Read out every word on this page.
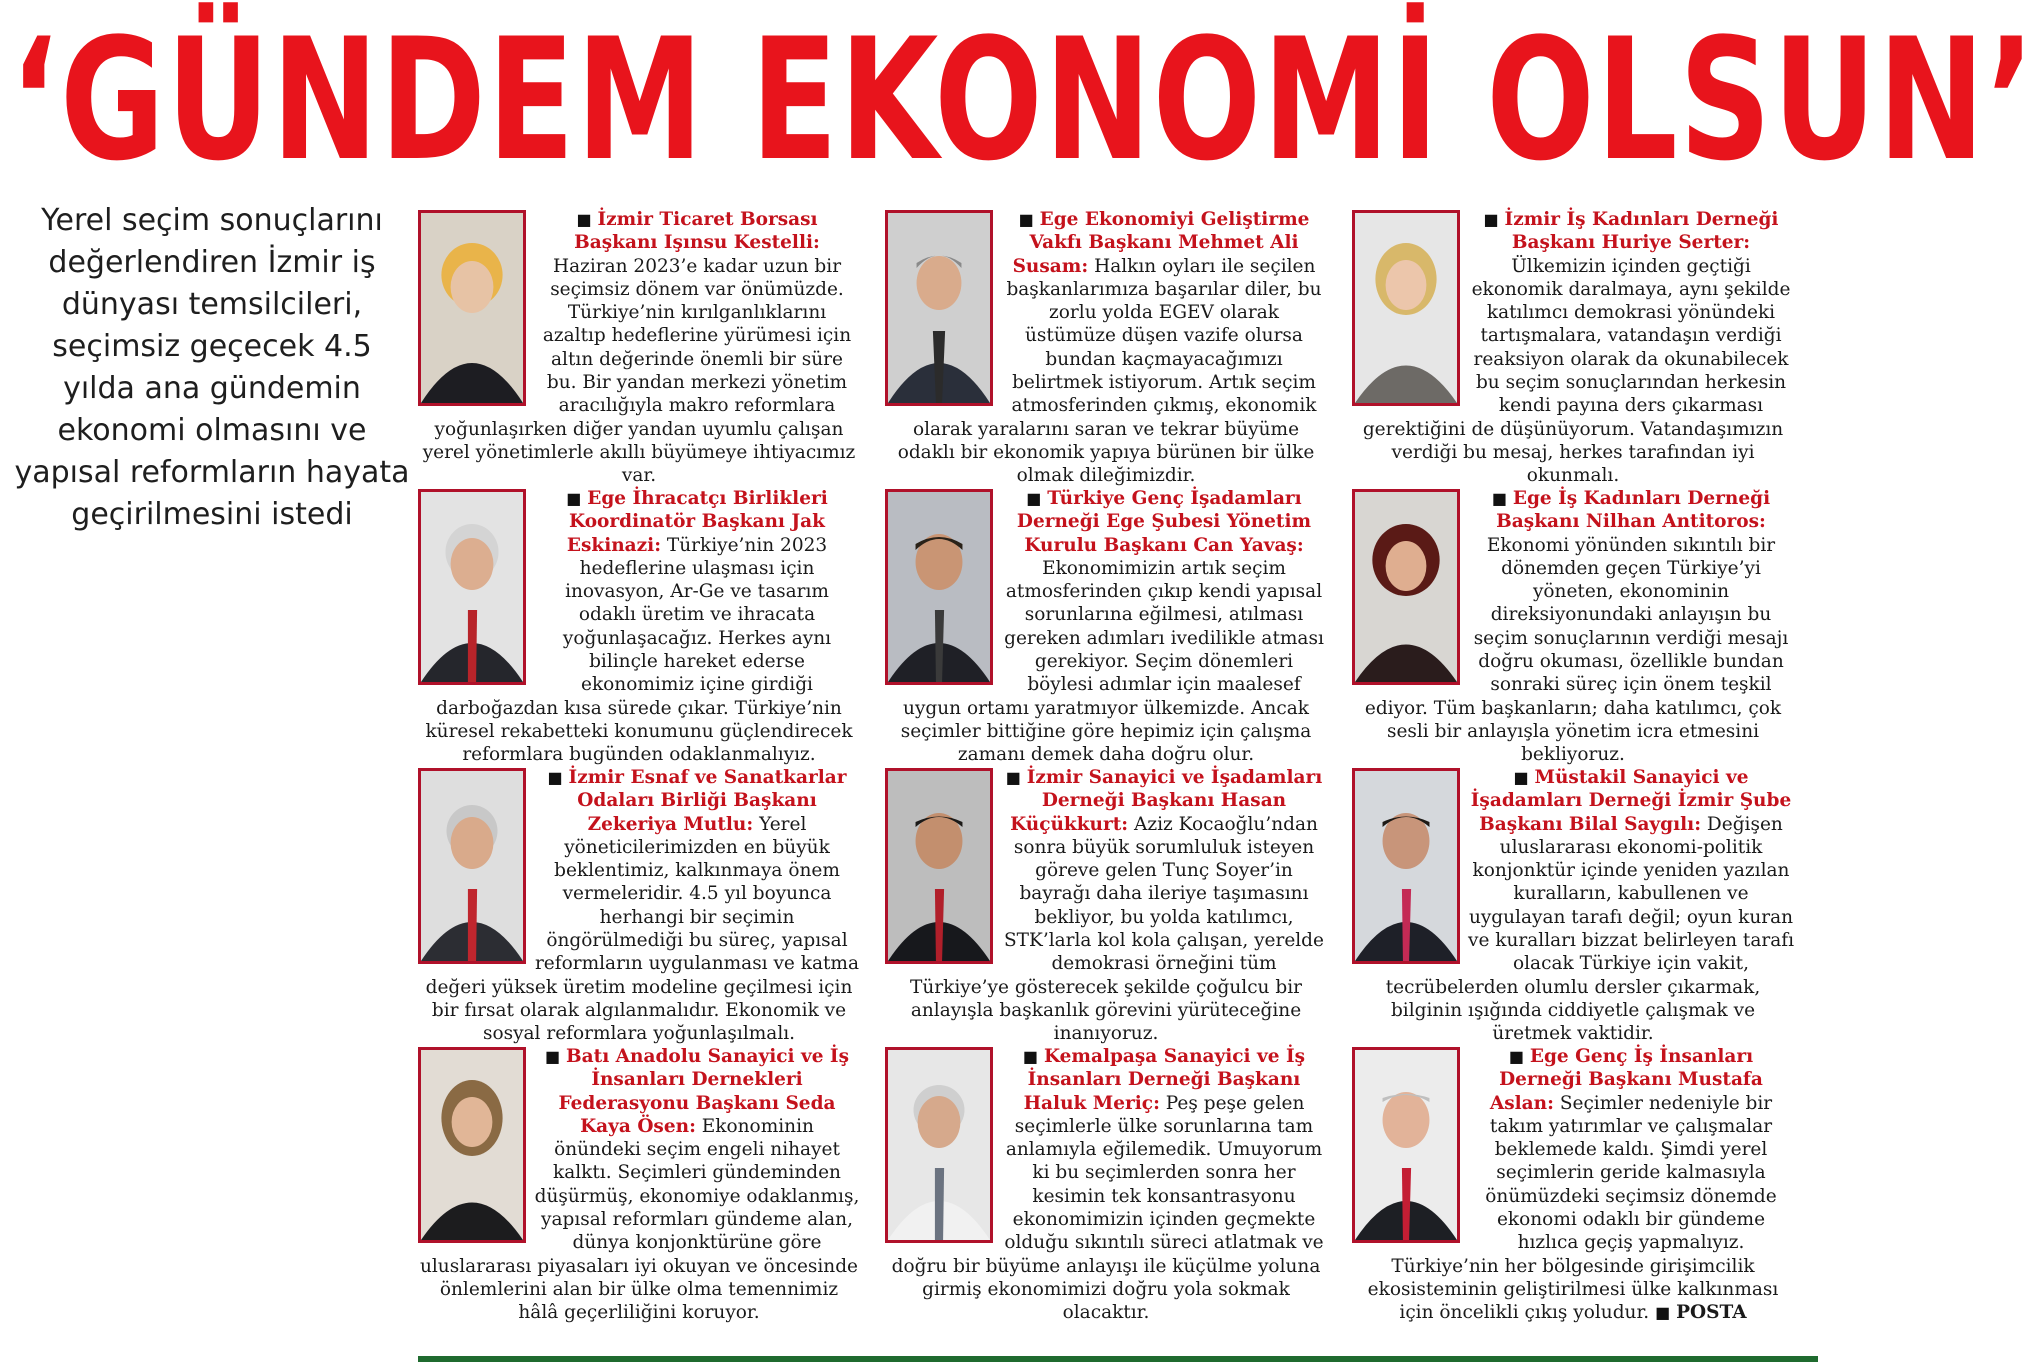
‘GÜNDEM EKONOMİ OLSUN’

Yerel seçim sonuçlarını değerlendiren İzmir iş dünyası temsilcileri, seçimsiz geçecek 4.5 yılda ana gündemin ekonomi olmasını ve yapısal reformların hayata geçirilmesini istedi

■ İzmir Ticaret Borsası Başkanı Işınsu Kestelli: Haziran 2023’e kadar uzun bir seçimsiz dönem var önümüzde. Türkiye’nin kırılganlıklarını azaltıp hedeflerine yürümesi için altın değerinde önemli bir süre bu. Bir yandan merkezi yönetim aracılığıyla makro reformlara yoğunlaşırken diğer yandan uyumlu çalışan yerel yönetimlerle akıllı büyümeye ihtiyacımız var.
■ Ege Ekonomiyi Geliştirme Vakfı Başkanı Mehmet Ali Susam: Halkın oyları ile seçilen başkanlarımıza başarılar diler, bu zorlu yolda EGEV olarak üstümüze düşen vazife olursa bundan kaçmayacağımızı belirtmek istiyorum. Artık seçim atmosferinden çıkmış, ekonomik olarak yaralarını saran ve tekrar büyüme odaklı bir ekonomik yapıya bürünen bir ülke olmak dileğimizdir.
■ İzmir İş Kadınları Derneği Başkanı Huriye Serter: Ülkemizin içinden geçtiği ekonomik daralmaya, aynı şekilde katılımcı demokrasi yönündeki tartışmalara, vatandaşın verdiği reaksiyon olarak da okunabilecek bu seçim sonuçlarından herkesin kendi payına ders çıkarması gerektiğini de düşünüyorum. Vatandaşımızın verdiği bu mesaj, herkes tarafından iyi okunmalı.
■ Ege İhracatçı Birlikleri Koordinatör Başkanı Jak Eskinazi: Türkiye’nin 2023 hedeflerine ulaşması için inovasyon, Ar-Ge ve tasarım odaklı üretim ve ihracata yoğunlaşacağız. Herkes aynı bilinçle hareket ederse ekonomimiz içine girdiği darboğazdan kısa sürede çıkar. Türkiye’nin küresel rekabetteki konumunu güçlendirecek reformlara bugünden odaklanmalıyız.
■ Türkiye Genç İşadamları Derneği Ege Şubesi Yönetim Kurulu Başkanı Can Yavaş: Ekonomimizin artık seçim atmosferinden çıkıp kendi yapısal sorunlarına eğilmesi, atılması gereken adımları ivedilikle atması gerekiyor. Seçim dönemleri böylesi adımlar için maalesef uygun ortamı yaratmıyor ülkemizde. Ancak seçimler bittiğine göre hepimiz için çalışma zamanı demek daha doğru olur.
■ Ege İş Kadınları Derneği Başkanı Nilhan Antitoros: Ekonomi yönünden sıkıntılı bir dönemden geçen Türkiye’yi yöneten, ekonominin direksiyonundaki anlayışın bu seçim sonuçlarının verdiği mesajı doğru okuması, özellikle bundan sonraki süreç için önem teşkil ediyor. Tüm başkanların; daha katılımcı, çok sesli bir anlayışla yönetim icra etmesini bekliyoruz.
■ İzmir Esnaf ve Sanatkarlar Odaları Birliği Başkanı Zekeriya Mutlu: Yerel yöneticilerimizden en büyük beklentimiz, kalkınmaya önem vermeleridir. 4.5 yıl boyunca herhangi bir seçimin öngörülmediği bu süreç, yapısal reformların uygulanması ve katma değeri yüksek üretim modeline geçilmesi için bir fırsat olarak algılanmalıdır. Ekonomik ve sosyal reformlara yoğunlaşılmalı.
■ İzmir Sanayici ve İşadamları Derneği Başkanı Hasan Küçükkurt: Aziz Kocaoğlu’ndan sonra büyük sorumluluk isteyen göreve gelen Tunç Soyer’in bayrağı daha ileriye taşımasını bekliyor, bu yolda katılımcı, STK’larla kol kola çalışan, yerelde demokrasi örneğini tüm Türkiye’ye gösterecek şekilde çoğulcu bir anlayışla başkanlık görevini yürüteceğine inanıyoruz.
■ Müstakil Sanayici ve İşadamları Derneği İzmir Şube Başkanı Bilal Saygılı: Değişen uluslararası ekonomi-politik konjonktür içinde yeniden yazılan kuralların, kabullenen ve uygulayan tarafı değil; oyun kuran ve kuralları bizzat belirleyen tarafı olacak Türkiye için vakit, tecrübelerden olumlu dersler çıkarmak, bilginin ışığında ciddiyetle çalışmak ve üretmek vaktidir.
■ Batı Anadolu Sanayici ve İş İnsanları Dernekleri Federasyonu Başkanı Seda Kaya Ösen: Ekonominin önündeki seçim engeli nihayet kalktı. Seçimleri gündeminden düşürmüş, ekonomiye odaklanmış, yapısal reformları gündeme alan, dünya konjonktürüne göre uluslararası piyasaları iyi okuyan ve öncesinde önlemlerini alan bir ülke olma temennimiz hâlâ geçerliliğini koruyor.
■ Kemalpaşa Sanayici ve İş İnsanları Derneği Başkanı Haluk Meriç: Peş peşe gelen seçimlerle ülke sorunlarına tam anlamıyla eğilemedik. Umuyorum ki bu seçimlerden sonra her kesimin tek konsantrasyonu ekonomimizin içinden geçmekte olduğu sıkıntılı süreci atlatmak ve doğru bir büyüme anlayışı ile küçülme yoluna girmiş ekonomimizi doğru yola sokmak olacaktır.
■ Ege Genç İş İnsanları Derneği Başkanı Mustafa Aslan: Seçimler nedeniyle bir takım yatırımlar ve çalışmalar beklemede kaldı. Şimdi yerel seçimlerin geride kalmasıyla önümüzdeki seçimsiz dönemde ekonomi odaklı bir gündeme hızlıca geçiş yapmalıyız. Türkiye’nin her bölgesinde girişimcilik ekosisteminin geliştirilmesi ülke kalkınması için öncelikli çıkış yoludur. ■ POSTA
